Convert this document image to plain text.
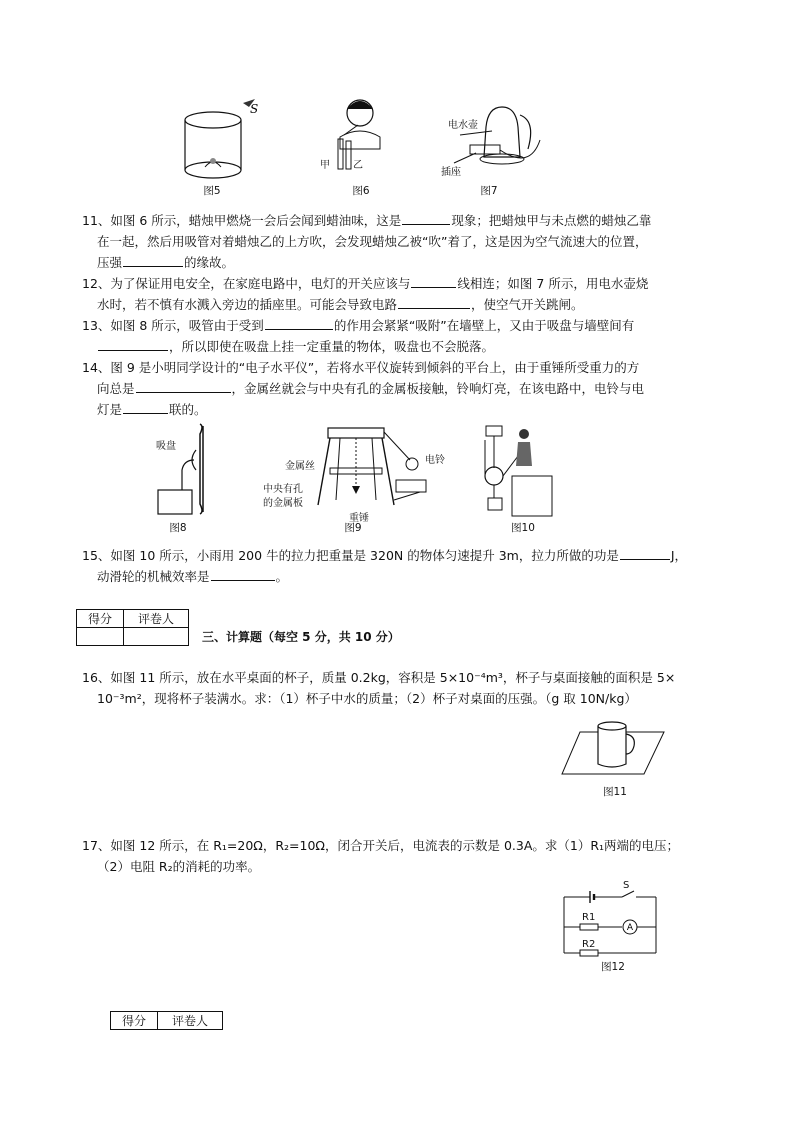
S
图5
甲 乙
图6
电水壶
插座
图7
11、如图 6 所示，蜡烛甲燃烧一会后会闻到蜡油味，这是	现象；把蜡烛甲与未点燃的蜡烛乙靠
在一起，然后用吸管对着蜡烛乙的上方吹，会发现蜡烛乙被“吹”着了，这是因为空气流速大的位置，
压强	的缘故。
12、为了保证用电安全，在家庭电路中，电灯的开关应该与	线相连；如图 7 所示，用电水壶烧
水时，若不慎有水溅入旁边的插座里。可能会导致电路	，使空气开关跳闸。
13、如图 8 所示，吸管由于受到	的作用会紧紧“吸附”在墙壁上，又由于吸盘与墙壁间有
，所以即使在吸盘上挂一定重量的物体，吸盘也不会脱落。
14、图 9 是小明同学设计的“电子水平仪”，若将水平仪旋转到倾斜的平台上，由于重锤所受重力的方
向总是	，金属丝就会与中央有孔的金属板接触，铃响灯亮，在该电路中，电铃与电
灯是	联的。
吸盘
图8
金属丝
电铃
中央有孔
的金属板
重锤
图9	图10
15、如图 10 所示，小雨用 200 牛的拉力把重量是 320N 的物体匀速提升 3m，拉力所做的功是	J，
动滑轮的机械效率是	。
得分	评卷人

三、计算题（每空 5 分，共 10 分）
16、如图 11 所示，放在水平桌面的杯子，质量 0.2kg，容积是 5×10⁻⁴m³，杯子与桌面接触的面积是 5×
10⁻³m²，现将杯子装满水。求：（1）杯子中水的质量；（2）杯子对桌面的压强。（g 取 10N/kg）
图11
17、如图 12 所示，在 R₁=20Ω，R₂=10Ω，闭合开关后，电流表的示数是 0.3A。求（1）R₁两端的电压；
（2）电阻 R₂的消耗的功率。
A
S
R1
R2
图12
得分	评卷人
